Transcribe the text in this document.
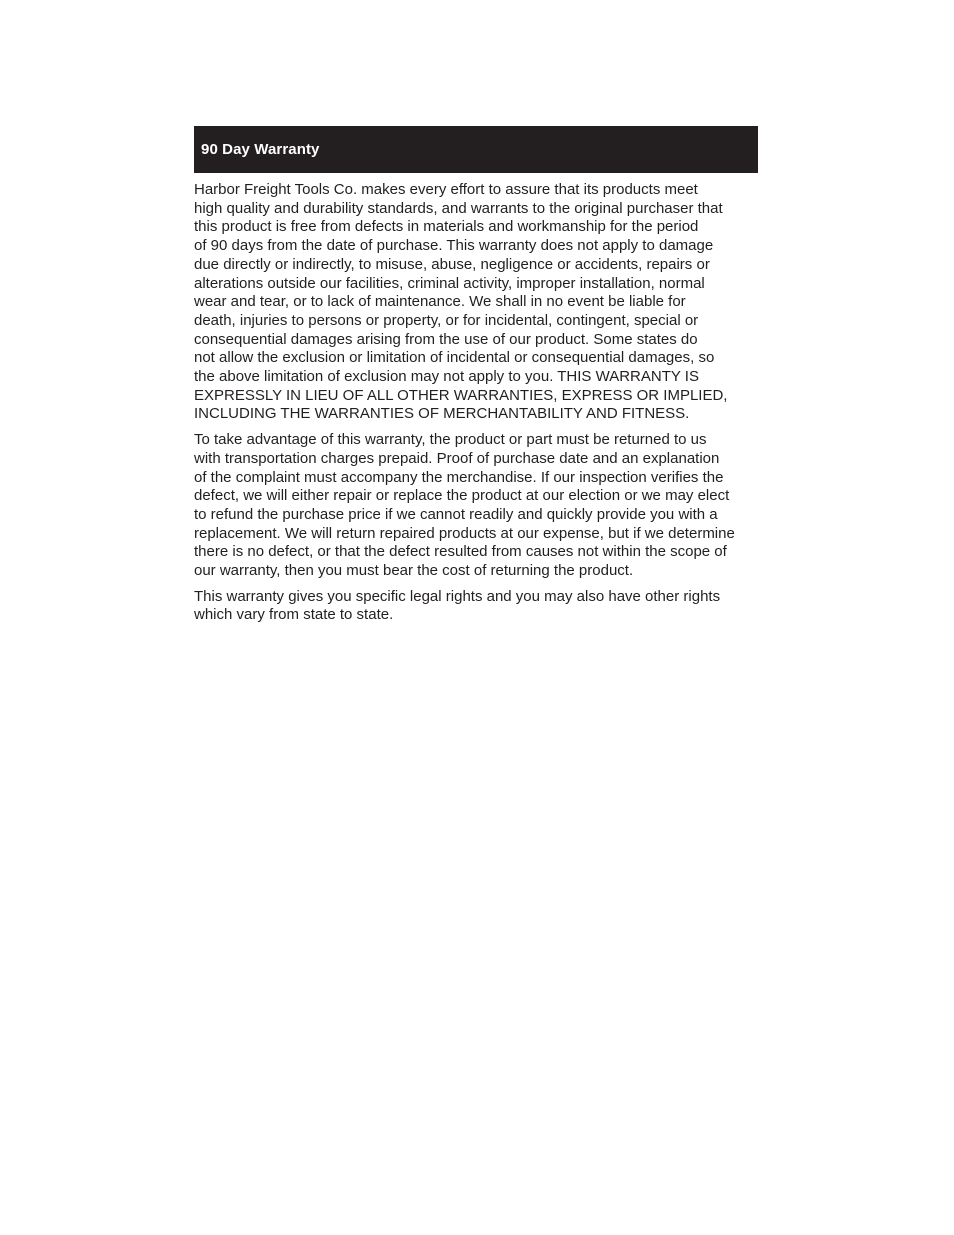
90 Day Warranty

Harbor Freight Tools Co. makes every effort to assure that its products meet
high quality and durability standards, and warrants to the original purchaser that
this product is free from defects in materials and workmanship for the period
of 90 days from the date of purchase. This warranty does not apply to damage
due directly or indirectly, to misuse, abuse, negligence or accidents, repairs or
alterations outside our facilities, criminal activity, improper installation, normal
wear and tear, or to lack of maintenance. We shall in no event be liable for
death, injuries to persons or property, or for incidental, contingent, special or
consequential damages arising from the use of our product. Some states do
not allow the exclusion or limitation of incidental or consequential damages, so
the above limitation of exclusion may not apply to you. THIS WARRANTY IS
EXPRESSLY IN LIEU OF ALL OTHER WARRANTIES, EXPRESS OR IMPLIED,
INCLUDING THE WARRANTIES OF MERCHANTABILITY AND FITNESS.

To take advantage of this warranty, the product or part must be returned to us
with transportation charges prepaid. Proof of purchase date and an explanation
of the complaint must accompany the merchandise. If our inspection verifies the
defect, we will either repair or replace the product at our election or we may elect
to refund the purchase price if we cannot readily and quickly provide you with a
replacement. We will return repaired products at our expense, but if we determine
there is no defect, or that the defect resulted from causes not within the scope of
our warranty, then you must bear the cost of returning the product.

This warranty gives you specific legal rights and you may also have other rights
which vary from state to state.
